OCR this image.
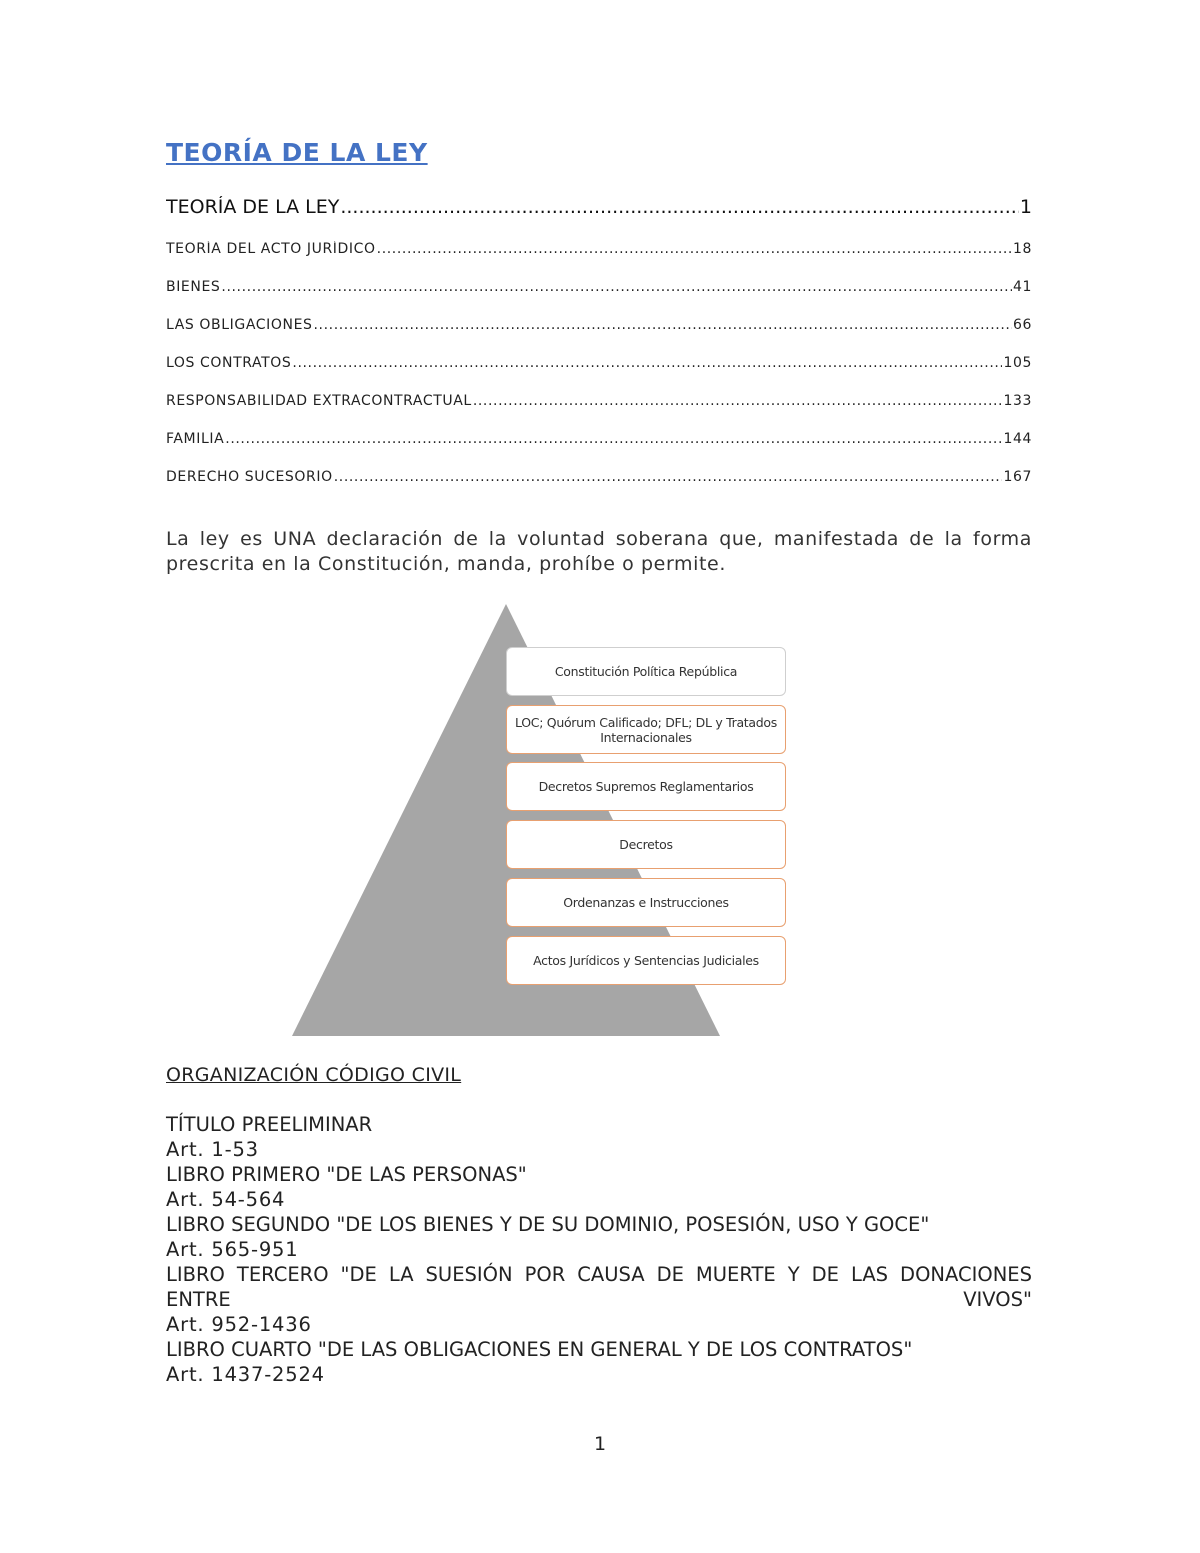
TEORÍA DE LA LEY
TEORÍA DE LA LEY .....	1
TEORÍA DEL ACTO JURÍDICO .....	18
BIENES .....	41
LAS OBLIGACIONES .....	66
LOS CONTRATOS .....	105
RESPONSABILIDAD EXTRACONTRACTUAL .....	133
FAMILIA .....	144
DERECHO SUCESORIO .....	167
La ley es UNA declaración de la voluntad soberana que, manifestada de la forma prescrita en la Constitución, manda, prohíbe o permite.
Constitución Política República
LOC; Quórum Calificado; DFL; DL y Tratados Internacionales
Decretos Supremos Reglamentarios
Decretos
Ordenanzas e Instrucciones
Actos Jurídicos y Sentencias Judiciales
ORGANIZACIÓN CÓDIGO CIVIL
TÍTULO PREELIMINAR
Art. 1-53
LIBRO PRIMERO "DE LAS PERSONAS"
Art. 54-564
LIBRO SEGUNDO "DE LOS BIENES Y DE SU DOMINIO, POSESIÓN, USO Y GOCE"
Art. 565-951
LIBRO TERCERO "DE LA SUESIÓN POR CAUSA DE MUERTE Y DE LAS DONACIONES ENTRE VIVOS"
Art. 952-1436
LIBRO CUARTO "DE LAS OBLIGACIONES EN GENERAL Y DE LOS CONTRATOS"
Art. 1437-2524
1
